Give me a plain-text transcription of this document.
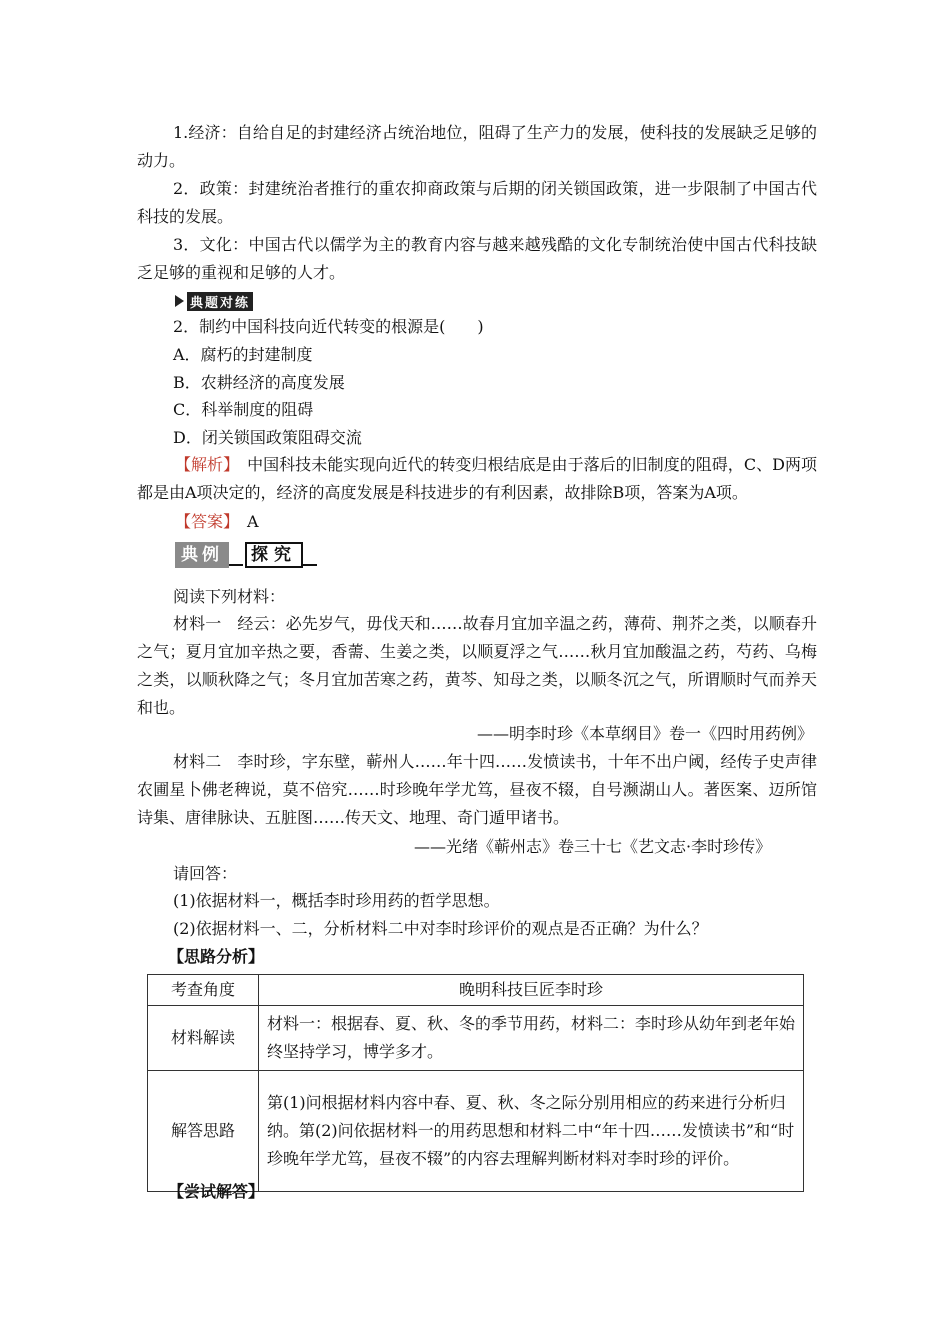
1.经济：自给自足的封建经济占统治地位，阻碍了生产力的发展，使科技的发展缺乏足够的动力。
2．政策：封建统治者推行的重农抑商政策与后期的闭关锁国政策，进一步限制了中国古代科技的发展。
3．文化：中国古代以儒学为主的教育内容与越来越残酷的文化专制统治使中国古代科技缺乏足够的重视和足够的人才。
典题对练
2．制约中国科技向近代转变的根源是(　　)
A．腐朽的封建制度
B．农耕经济的高度发展
C．科举制度的阻碍
D．闭关锁国政策阻碍交流
【解析】　中国科技未能实现向近代的转变归根结底是由于落后的旧制度的阻碍，C、D两项都是由A项决定的，经济的高度发展是科技进步的有利因素，故排除B项，答案为A项。
【答案】　A
典例	探究
阅读下列材料：
材料一　经云：必先岁气，毋伐天和……故春月宜加辛温之药，薄荷、荆芥之类，以顺春升之气；夏月宜加辛热之要，香薷、生姜之类，以顺夏浮之气……秋月宜加酸温之药，芍药、乌梅之类，以顺秋降之气；冬月宜加苦寒之药，黄芩、知母之类，以顺冬沉之气，所谓顺时气而养天和也。
——明李时珍《本草纲目》卷一《四时用药例》
材料二　李时珍，字东壁，蕲州人……年十四……发愤读书，十年不出户阈，经传子史声律农圃星卜佛老稗说，莫不倍究……时珍晚年学尤笃，昼夜不辍，自号濒湖山人。著医案、迈所馆诗集、唐律脉诀、五脏图……传天文、地理、奇门遁甲诸书。
——光绪《蕲州志》卷三十七《艺文志·李时珍传》
请回答：
(1)依据材料一，概括李时珍用药的哲学思想。
(2)依据材料一、二，分析材料二中对李时珍评价的观点是否正确？为什么？
【思路分析】
考查角度	晚明科技巨匠李时珍
材料解读	材料一：根据春、夏、秋、冬的季节用药，材料二：李时珍从幼年到老年始终坚持学习，博学多才。
解答思路	第(1)问根据材料内容中春、夏、秋、冬之际分别用相应的药来进行分析归纳。第(2)问依据材料一的用药思想和材料二中“年十四……发愤读书”和“时珍晚年学尤笃，昼夜不辍”的内容去理解判断材料对李时珍的评价。
【尝试解答】
